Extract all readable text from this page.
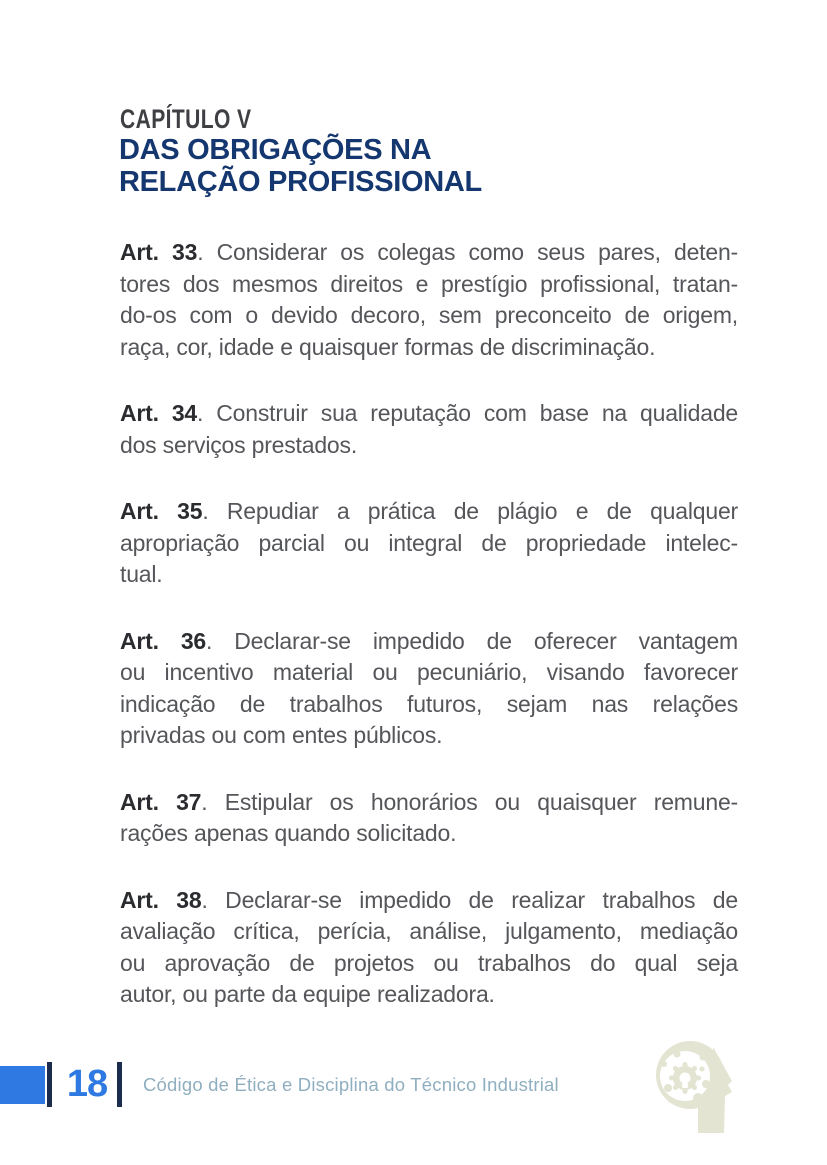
CAPÍTULO V
DAS OBRIGAÇÕES NA
RELAÇÃO PROFISSIONAL
Art. 33. Considerar os colegas como seus pares, deten-
tores dos mesmos direitos e prestígio profissional, tratan-
do-os com o devido decoro, sem preconceito de origem,
raça, cor, idade e quaisquer formas de discriminação.
Art. 34. Construir sua reputação com base na qualidade
dos serviços prestados.
Art. 35. Repudiar a prática de plágio e de qualquer
apropriação parcial ou integral de propriedade intelec-
tual.
Art. 36. Declarar-se impedido de oferecer vantagem
ou incentivo material ou pecuniário, visando favorecer
indicação de trabalhos futuros, sejam nas relações
privadas ou com entes públicos.
Art. 37. Estipular os honorários ou quaisquer remune-
rações apenas quando solicitado.
Art. 38. Declarar-se impedido de realizar trabalhos de
avaliação crítica, perícia, análise, julgamento, mediação
ou aprovação de projetos ou trabalhos do qual seja
autor, ou parte da equipe realizadora.
18	Código de Ética e Disciplina do Técnico Industrial
